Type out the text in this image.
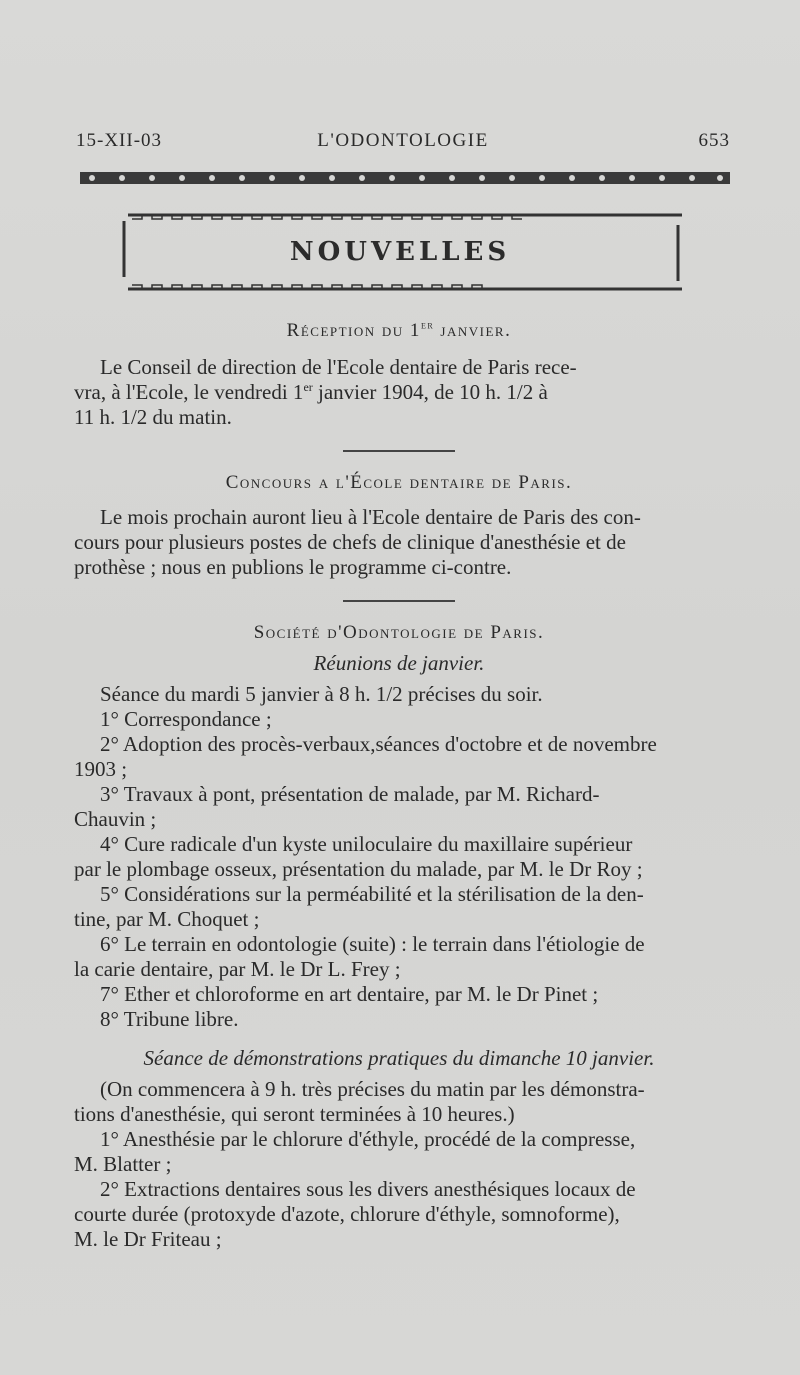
15-XII-03	L'ODONTOLOGIE	653
NOUVELLES

Réception du 1er janvier.

Le Conseil de direction de l'Ecole dentaire de Paris rece-

vra, à l'Ecole, le vendredi 1er janvier 1904, de 10 h. 1/2 à

11 h. 1/2 du matin.

Concours a l'École dentaire de Paris.

Le mois prochain auront lieu à l'Ecole dentaire de Paris des con-

cours pour plusieurs postes de chefs de clinique d'anesthésie et de

prothèse ; nous en publions le programme ci-contre.

Société d'Odontologie de Paris.

Réunions de janvier.

Séance du mardi 5 janvier à 8 h. 1/2 précises du soir.

1° Correspondance ;

2° Adoption des procès-verbaux,séances d'octobre et de novembre

1903 ;

3° Travaux à pont, présentation de malade, par M. Richard-

Chauvin ;

4° Cure radicale d'un kyste uniloculaire du maxillaire supérieur

par le plombage osseux, présentation du malade, par M. le Dr Roy ;

5° Considérations sur la perméabilité et la stérilisation de la den-

tine, par M. Choquet ;

6° Le terrain en odontologie (suite) : le terrain dans l'étiologie de

la carie dentaire, par M. le Dr L. Frey ;

7° Ether et chloroforme en art dentaire, par M. le Dr Pinet ;

8° Tribune libre.

Séance de démonstrations pratiques du dimanche 10 janvier.

(On commencera à 9 h. très précises du matin par les démonstra-

tions d'anesthésie, qui seront terminées à 10 heures.)

1° Anesthésie par le chlorure d'éthyle, procédé de la compresse,

M. Blatter ;

2° Extractions dentaires sous les divers anesthésiques locaux de

courte durée (protoxyde d'azote, chlorure d'éthyle, somnoforme),

M. le Dr Friteau ;
